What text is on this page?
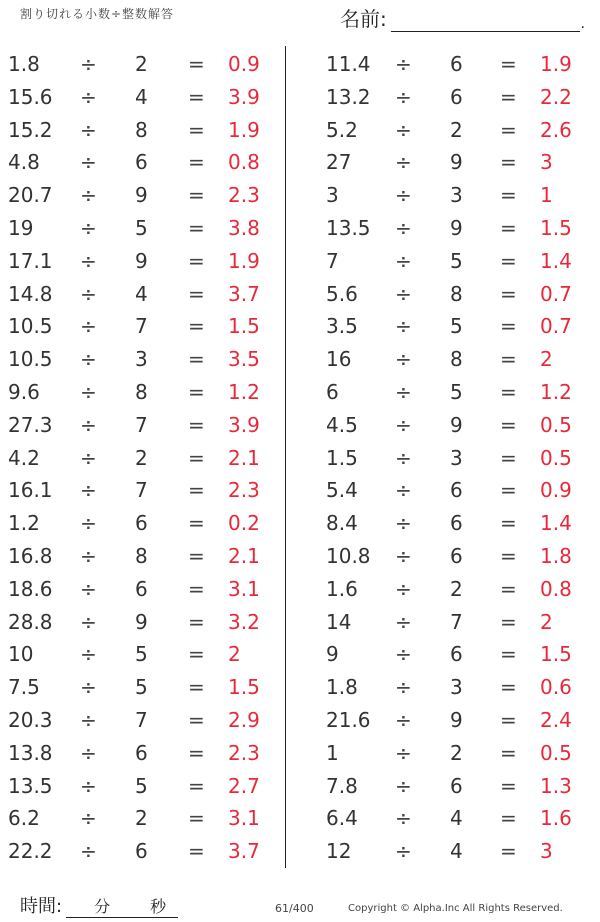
割り切れる小数÷整数解答	名前:	.
1.8 ÷ 2 = 0.9
15.6 ÷ 4 = 3.9
15.2 ÷ 8 = 1.9
4.8 ÷ 6 = 0.8
20.7 ÷ 9 = 2.3
19 ÷ 5 = 3.8
17.1 ÷ 9 = 1.9
14.8 ÷ 4 = 3.7
10.5 ÷ 7 = 1.5
10.5 ÷ 3 = 3.5
9.6 ÷ 8 = 1.2
27.3 ÷ 7 = 3.9
4.2 ÷ 2 = 2.1
16.1 ÷ 7 = 2.3
1.2 ÷ 6 = 0.2
16.8 ÷ 8 = 2.1
18.6 ÷ 6 = 3.1
28.8 ÷ 9 = 3.2
10 ÷ 5 = 2
7.5 ÷ 5 = 1.5
20.3 ÷ 7 = 2.9
13.8 ÷ 6 = 2.3
13.5 ÷ 5 = 2.7
6.2 ÷ 2 = 3.1
22.2 ÷ 6 = 3.7
11.4 ÷ 6 = 1.9
13.2 ÷ 6 = 2.2
5.2 ÷ 2 = 2.6
27 ÷ 9 = 3
3	÷ 3 = 1
13.5 ÷ 9 = 1.5
7	÷ 5 = 1.4
5.6 ÷ 8 = 0.7
3.5 ÷ 5 = 0.7
16 ÷ 8 = 2
6	÷ 5 = 1.2
4.5 ÷ 9 = 0.5
1.5 ÷ 3 = 0.5
5.4 ÷ 6 = 0.9
8.4 ÷ 6 = 1.4
10.8 ÷ 6 = 1.8
1.6 ÷ 2 = 0.8
14 ÷ 7 = 2
9	÷ 6 = 1.5
1.8 ÷ 3 = 0.6
21.6 ÷ 9 = 2.4
1	÷ 2 = 0.5
7.8 ÷ 6 = 1.3
6.4 ÷ 4 = 1.6
12 ÷ 4 = 3
時間: 分 秒	61/400	Copyright © Alpha.Inc All Rights Reserved.
